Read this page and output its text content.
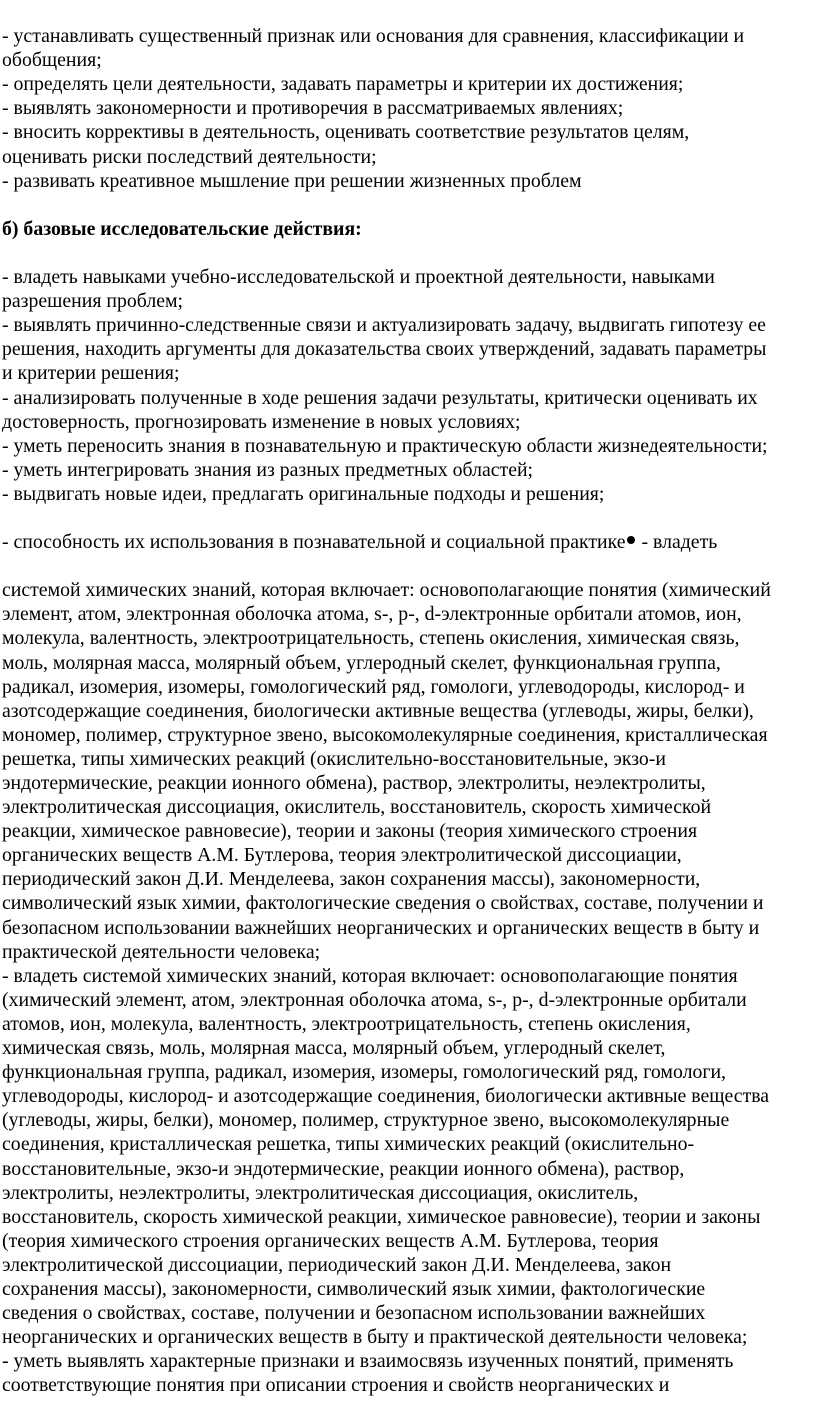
- устанавливать существенный признак или основания для сравнения, классификации и
обобщения;
- определять цели деятельности, задавать параметры и критерии их достижения;
- выявлять закономерности и противоречия в рассматриваемых явлениях;
- вносить коррективы в деятельность, оценивать соответствие результатов целям,
оценивать риски последствий деятельности;
- развивать креативное мышление при решении жизненных проблем

б) базовые исследовательские действия:

- владеть навыками учебно-исследовательской и проектной деятельности, навыками
разрешения проблем;
- выявлять причинно-следственные связи и актуализировать задачу, выдвигать гипотезу ее
решения, находить аргументы для доказательства своих утверждений, задавать параметры
и критерии решения;
- анализировать полученные в ходе решения задачи результаты, критически оценивать их
достоверность, прогнозировать изменение в новых условиях;
- уметь переносить знания в познавательную и практическую области жизнедеятельности;
- уметь интегрировать знания из разных предметных областей;
- выдвигать новые идеи, предлагать оригинальные подходы и решения;

- способность их использования в познавательной и социальной практике - владеть

системой химических знаний, которая включает: основополагающие понятия (химический
элемент, атом, электронная оболочка атома, s-, p-, d-электронные орбитали атомов, ион,
молекула, валентность, электроотрицательность, степень окисления, химическая связь,
моль, молярная масса, молярный объем, углеродный скелет, функциональная группа,
радикал, изомерия, изомеры, гомологический ряд, гомологи, углеводороды, кислород- и
азотсодержащие соединения, биологически активные вещества (углеводы, жиры, белки),
мономер, полимер, структурное звено, высокомолекулярные соединения, кристаллическая
решетка, типы химических реакций (окислительно-восстановительные, экзо-и
эндотермические, реакции ионного обмена), раствор, электролиты, неэлектролиты,
электролитическая диссоциация, окислитель, восстановитель, скорость химической
реакции, химическое равновесие), теории и законы (теория химического строения
органических веществ А.М. Бутлерова, теория электролитической диссоциации,
периодический закон Д.И. Менделеева, закон сохранения массы), закономерности,
символический язык химии, фактологические сведения о свойствах, составе, получении и
безопасном использовании важнейших неорганических и органических веществ в быту и
практической деятельности человека;
- владеть системой химических знаний, которая включает: основополагающие понятия
(химический элемент, атом, электронная оболочка атома, s-, p-, d-электронные орбитали
атомов, ион, молекула, валентность, электроотрицательность, степень окисления,
химическая связь, моль, молярная масса, молярный объем, углеродный скелет,
функциональная группа, радикал, изомерия, изомеры, гомологический ряд, гомологи,
углеводороды, кислород- и азотсодержащие соединения, биологически активные вещества
(углеводы, жиры, белки), мономер, полимер, структурное звено, высокомолекулярные
соединения, кристаллическая решетка, типы химических реакций (окислительно-
восстановительные, экзо-и эндотермические, реакции ионного обмена), раствор,
электролиты, неэлектролиты, электролитическая диссоциация, окислитель,
восстановитель, скорость химической реакции, химическое равновесие), теории и законы
(теория химического строения органических веществ А.М. Бутлерова, теория
электролитической диссоциации, периодический закон Д.И. Менделеева, закон
сохранения массы), закономерности, символический язык химии, фактологические
сведения о свойствах, составе, получении и безопасном использовании важнейших
неорганических и органических веществ в быту и практической деятельности человека;
- уметь выявлять характерные признаки и взаимосвязь изученных понятий, применять
соответствующие понятия при описании строения и свойств неорганических и
